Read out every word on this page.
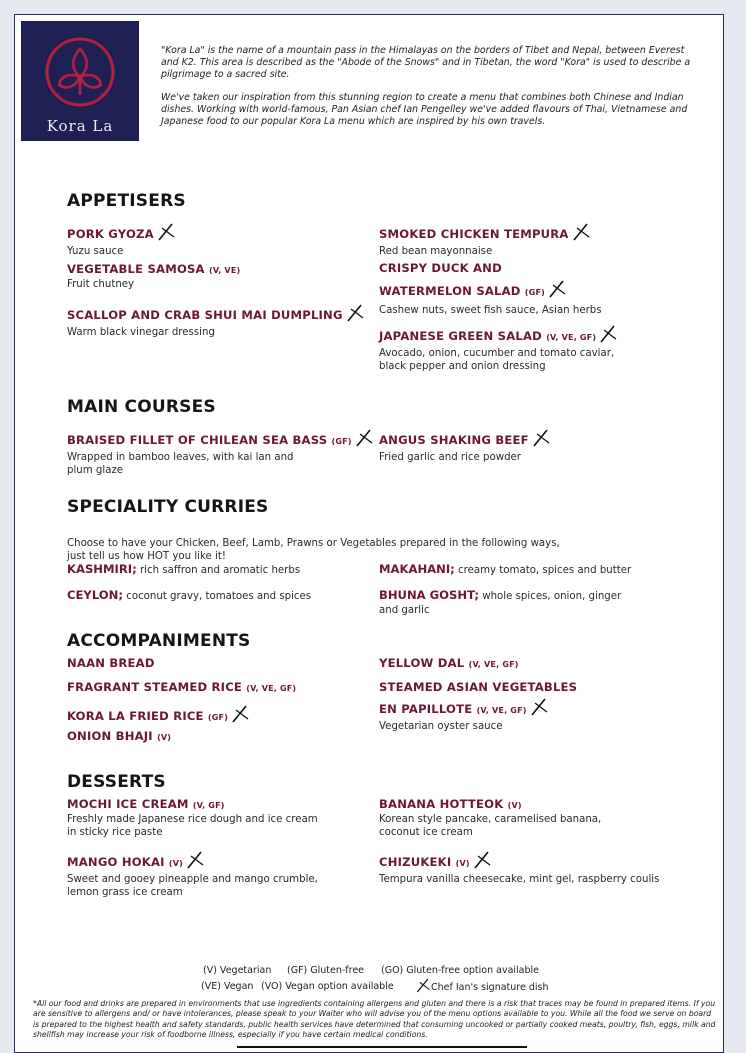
Kora La

"Kora La" is the name of a mountain pass in the Himalayas on the borders of Tibet and Nepal, between Everest and K2. This area is described as the "Abode of the Snows" and in Tibetan, the word "Kora" is used to describe a pilgrimage to a sacred site.

We've taken our inspiration from this stunning region to create a menu that combines both Chinese and Indian dishes. Working with world-famous, Pan Asian chef Ian Pengelley we've added flavours of Thai, Vietnamese and Japanese food to our popular Kora La menu which are inspired by his own travels.

APPETISERS
PORK GYOZA
Yuzu sauce
VEGETABLE SAMOSA (V, VE)
Fruit chutney
SCALLOP AND CRAB SHUI MAI DUMPLING
Warm black vinegar dressing
SMOKED CHICKEN TEMPURA
Red bean mayonnaise
CRISPY DUCK AND
WATERMELON SALAD (GF)
Cashew nuts, sweet fish sauce, Asian herbs
JAPANESE GREEN SALAD (V, VE, GF)
Avocado, onion, cucumber and tomato caviar,
black pepper and onion dressing
MAIN COURSES
BRAISED FILLET OF CHILEAN SEA BASS (GF)
Wrapped in bamboo leaves, with kai lan and
plum glaze
ANGUS SHAKING BEEF
Fried garlic and rice powder
SPECIALITY CURRIES
Choose to have your Chicken, Beef, Lamb, Prawns or Vegetables prepared in the following ways,
just tell us how HOT you like it!
KASHMIRI; rich saffron and aromatic herbs
CEYLON; coconut gravy, tomatoes and spices
MAKAHANI; creamy tomato, spices and butter
BHUNA GOSHT; whole spices, onion, ginger
and garlic
ACCOMPANIMENTS
NAAN BREAD
FRAGRANT STEAMED RICE (V, VE, GF)
KORA LA FRIED RICE (GF)
ONION BHAJI (V)
YELLOW DAL (V, VE, GF)
STEAMED ASIAN VEGETABLES
EN PAPILLOTE (V, VE, GF)
Vegetarian oyster sauce
DESSERTS
MOCHI ICE CREAM (V, GF)
Freshly made Japanese rice dough and ice cream
in sticky rice paste
MANGO HOKAI (V)
Sweet and gooey pineapple and mango crumble,
lemon grass ice cream
BANANA HOTTEOK (V)
Korean style pancake, caramelised banana,
coconut ice cream
CHIZUKEKI (V)
Tempura vanilla cheesecake, mint gel, raspberry coulis
(V) Vegetarian (GF) Gluten-free (GO) Gluten-free option available
(VE) Vegan (VO) Vegan option available	Chef Ian's signature dish
*All our food and drinks are prepared in environments that use ingredients containing allergens and gluten and there is a risk that traces may be found in prepared items. If you are sensitive to allergens and/ or have intolerances, please speak to your Waiter who will advise you of the menu options available to you. While all the food we serve on board is prepared to the highest health and safety standards, public health services have determined that consuming uncooked or partially cooked meats, poultry, fish, eggs, milk and shellfish may increase your risk of foodborne illness, especially if you have certain medical conditions.
